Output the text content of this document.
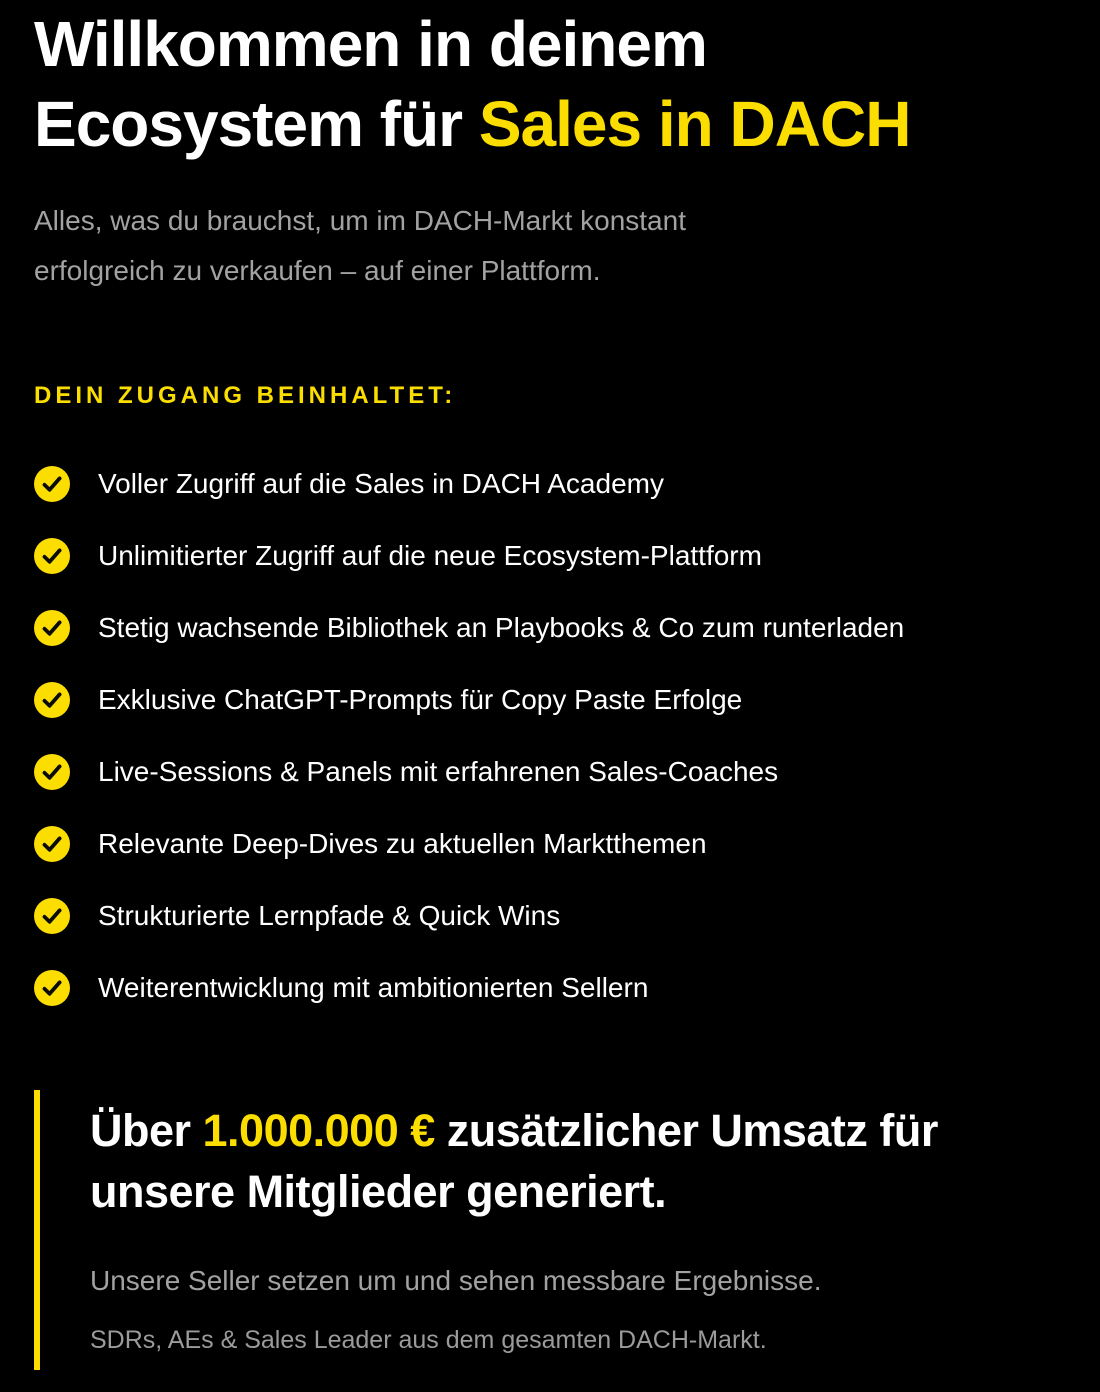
Willkommen in deinem
Ecosystem für Sales in DACH

Alles, was du brauchst, um im DACH-Markt konstant
erfolgreich zu verkaufen – auf einer Plattform.

DEIN ZUGANG BEINHALTET:
Voller Zugriff auf die Sales in DACH Academy
Unlimitierter Zugriff auf die neue Ecosystem-Plattform
Stetig wachsende Bibliothek an Playbooks & Co zum runterladen
Exklusive ChatGPT-Prompts für Copy Paste Erfolge
Live-Sessions & Panels mit erfahrenen Sales-Coaches
Relevante Deep-Dives zu aktuellen Marktthemen
Strukturierte Lernpfade & Quick Wins
Weiterentwicklung mit ambitionierten Sellern
Über 1.000.000 € zusätzlicher Umsatz für unsere Mitglieder generiert.

Unsere Seller setzen um und sehen messbare Ergebnisse.

SDRs, AEs & Sales Leader aus dem gesamten DACH-Markt.
